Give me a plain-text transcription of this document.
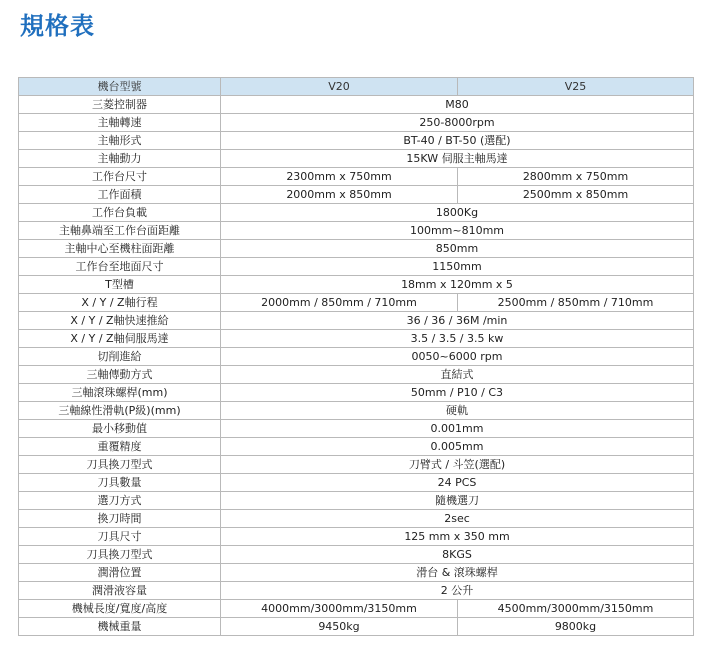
規格表
機台型號	V20	V25
三菱控制器	M80	
主軸轉速	250-8000rpm	
主軸形式	BT-40 / BT-50 (選配)	
主軸動力	15KW 伺服主軸馬達	
工作台尺寸	2300mm x 750mm	2800mm x 750mm
工作面積	2000mm x 850mm	2500mm x 850mm
工作台負載	1800Kg	
主軸鼻端至工作台面距離	100mm~810mm	
主軸中心至機柱面距離	850mm	
工作台至地面尺寸	1150mm	
T型槽	18mm x 120mm x 5	
X / Y / Z軸行程	2000mm / 850mm / 710mm	2500mm / 850mm / 710mm
X / Y / Z軸快速推給	36 / 36 / 36M /min	
X / Y / Z軸伺服馬達	3.5 / 3.5 / 3.5 kw	
切削進給	0050~6000 rpm	
三軸傳動方式	直結式	
三軸滾珠螺桿(mm)	50mm / P10 / C3	
三軸線性滑軌(P級)(mm)	硬軌	
最小移動值	0.001mm	
重覆精度	0.005mm	
刀具換刀型式	刀臂式 / 斗笠(選配)	
刀具數量	24 PCS	
選刀方式	隨機選刀	
換刀時間	2sec	
刀具尺寸	125 mm x 350 mm	
刀具換刀型式	8KGS	
潤滑位置	滑台 & 滾珠螺桿	
潤滑液容量	2 公升	
機械長度/寬度/高度	4000mm/3000mm/3150mm	4500mm/3000mm/3150mm
機械重量	9450kg	9800kg
